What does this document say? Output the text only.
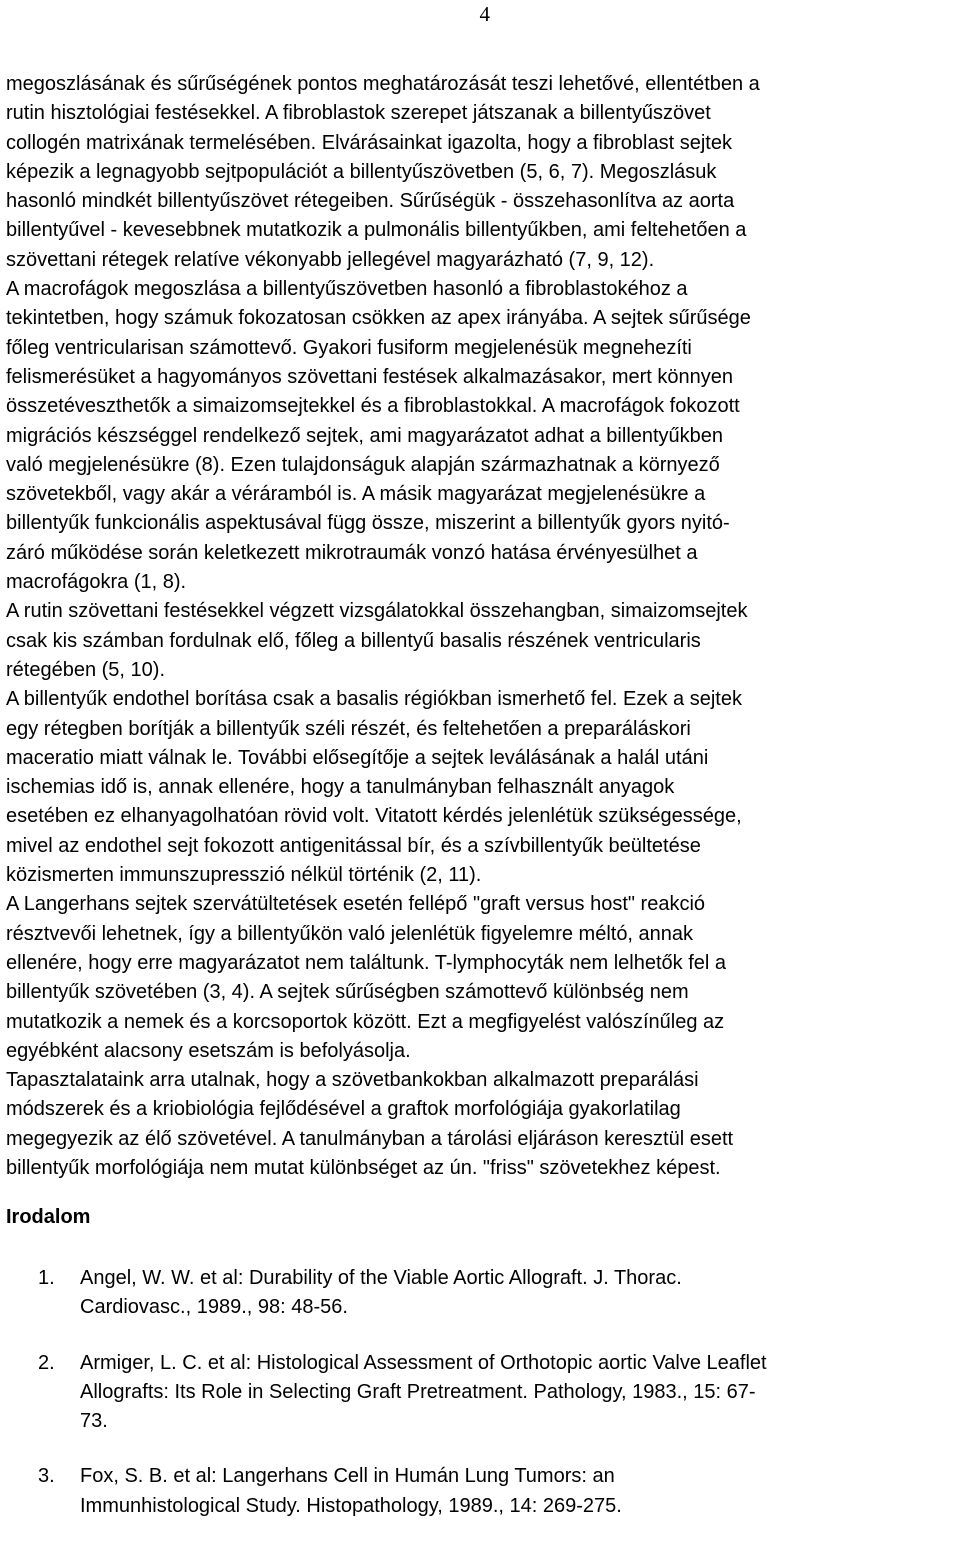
4
megoszlásának és sűrűségének pontos meghatározását teszi lehetővé, ellentétben a
rutin hisztológiai festésekkel. A fibroblastok szerepet játszanak a billentyűszövet
collogén matrixának termelésében. Elvárásainkat igazolta, hogy a fibroblast sejtek
képezik a legnagyobb sejtpopulációt a billentyűszövetben (5, 6, 7). Megoszlásuk
hasonló mindkét billentyűszövet rétegeiben. Sűrűségük - összehasonlítva az aorta
billentyűvel - kevesebbnek mutatkozik a pulmonális billentyűkben, ami feltehetően a
szövettani rétegek relatíve vékonyabb jellegével magyarázható (7, 9, 12).
A macrofágok megoszlása a billentyűszövetben hasonló a fibroblastokéhoz a
tekintetben, hogy számuk fokozatosan csökken az apex irányába. A sejtek sűrűsége
főleg ventricularisan számottevő. Gyakori fusiform megjelenésük megnehezíti
felismerésüket a hagyományos szövettani festések alkalmazásakor, mert könnyen
összetéveszthetők a simaizomsejtekkel és a fibroblastokkal. A macrofágok fokozott
migrációs készséggel rendelkező sejtek, ami magyarázatot adhat a billentyűkben
való megjelenésükre (8). Ezen tulajdonságuk alapján származhatnak a környező
szövetekből, vagy akár a véráramból is. A másik magyarázat megjelenésükre a
billentyűk funkcionális aspektusával függ össze, miszerint a billentyűk gyors nyitó-
záró működése során keletkezett mikrotraumák vonzó hatása érvényesülhet a
macrofágokra (1, 8).
A rutin szövettani festésekkel végzett vizsgálatokkal összehangban, simaizomsejtek
csak kis számban fordulnak elő, főleg a billentyű basalis részének ventricularis
rétegében (5, 10).
A billentyűk endothel borítása csak a basalis régiókban ismerhető fel. Ezek a sejtek
egy rétegben borítják a billentyűk széli részét, és feltehetően a preparáláskori
maceratio miatt válnak le. További elősegítője a sejtek leválásának a halál utáni
ischemias idő is, annak ellenére, hogy a tanulmányban felhasznált anyagok
esetében ez elhanyagolhatóan rövid volt. Vitatott kérdés jelenlétük szükségessége,
mivel az endothel sejt fokozott antigenitással bír, és a szívbillentyűk beültetése
közismerten immunszupresszió nélkül történik (2, 11).
A Langerhans sejtek szervátültetések esetén fellépő "graft versus host" reakció
résztvevői lehetnek, így a billentyűkön való jelenlétük figyelemre méltó, annak
ellenére, hogy erre magyarázatot nem találtunk. T-lymphocyták nem lelhetők fel a
billentyűk szövetében (3, 4). A sejtek sűrűségben számottevő különbség nem
mutatkozik a nemek és a korcsoportok között. Ezt a megfigyelést valószínűleg az
egyébként alacsony esetszám is befolyásolja.
Tapasztalataink arra utalnak, hogy a szövetbankokban alkalmazott preparálási
módszerek és a kriobiológia fejlődésével a graftok morfológiája gyakorlatilag
megegyezik az élő szövetével. A tanulmányban a tárolási eljáráson keresztül esett
billentyűk morfológiája nem mutat különbséget az ún. "friss" szövetekhez képest.
Irodalom
1. Angel, W. W. et al: Durability of the Viable Aortic Allograft. J. Thorac.
Cardiovasc., 1989., 98: 48-56.
2. Armiger, L. C. et al: Histological Assessment of Orthotopic aortic Valve Leaflet
Allografts: Its Role in Selecting Graft Pretreatment. Pathology, 1983., 15: 67-
73.
3. Fox, S. B. et al: Langerhans Cell in Humán Lung Tumors: an
Immunhistological Study. Histopathology, 1989., 14: 269-275.
